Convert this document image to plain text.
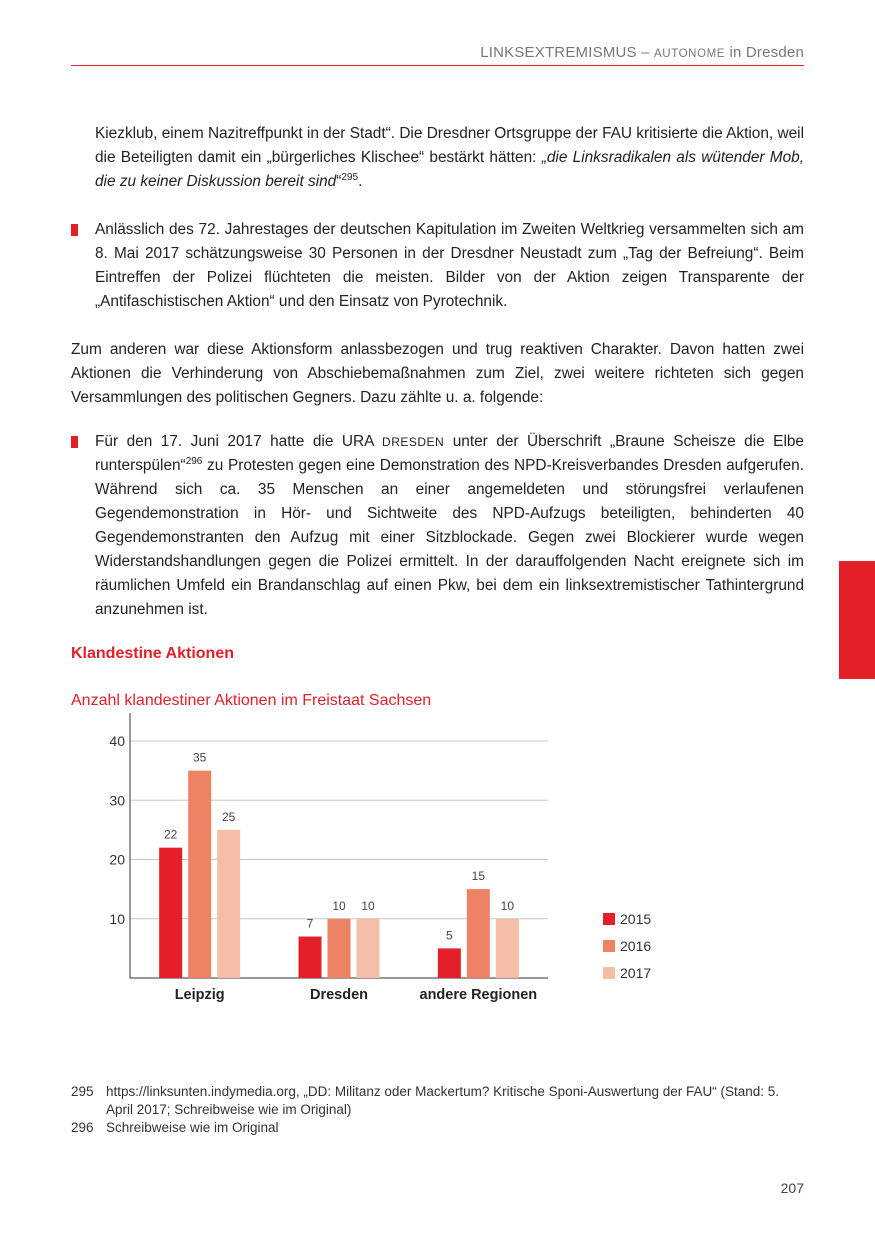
LINKSEXTREMISMUS – AUTONOME in Dresden
Kiezklub, einem Nazitreffpunkt in der Stadt“. Die Dresdner Ortsgruppe der FAU kritisierte die Aktion, weil die Beteiligten damit ein „bürgerliches Klischee“ bestärkt hätten: „die Linksradikalen als wütender Mob, die zu keiner Diskussion bereit sind“$^{295}$.
Anlässlich des 72. Jahrestages der deutschen Kapitulation im Zweiten Weltkrieg versammelten sich am 8. Mai 2017 schätzungsweise 30 Personen in der Dresdner Neustadt zum „Tag der Befreiung“. Beim Eintreffen der Polizei flüchteten die meisten. Bilder von der Aktion zeigen Transparente der „Antifaschistischen Aktion“ und den Einsatz von Pyrotechnik.
Zum anderen war diese Aktionsform anlassbezogen und trug reaktiven Charakter. Davon hatten zwei Aktionen die Verhinderung von Abschiebemaßnahmen zum Ziel, zwei weitere richteten sich gegen Versammlungen des politischen Gegners. Dazu zählte u. a. folgende:
Für den 17. Juni 2017 hatte die URA DRESDEN unter der Überschrift „Braune Scheisze die Elbe runterspülen“$^{296}$ zu Protesten gegen eine Demonstration des NPD-Kreisverbandes Dresden aufgerufen. Während sich ca. 35 Menschen an einer angemeldeten und störungsfrei verlaufenen Gegendemonstration in Hör- und Sichtweite des NPD-Aufzugs beteiligten, behinderten 40 Gegendemonstranten den Aufzug mit einer Sitzblockade. Gegen zwei Blockierer wurde wegen Widerstandshandlungen gegen die Polizei ermittelt. In der darauffolgenden Nacht ereignete sich im räumlichen Umfeld ein Brandanschlag auf einen Pkw, bei dem ein linksextremistischer Tathintergrund anzunehmen ist.
Klandestine Aktionen
Anzahl klandestiner Aktionen im Freistaat Sachsen
10
20
30
40
22
35
25
Leipzig
7
10 10
Dresden
5
15
10
andere Regionen
2015
2016
2017
295 https://linksunten.indymedia.org, „DD: Militanz oder Mackertum? Kritische Sponi-Auswertung der FAU“ (Stand: 5. April 2017; Schreibweise wie im Original)
296 Schreibweise wie im Original
207
